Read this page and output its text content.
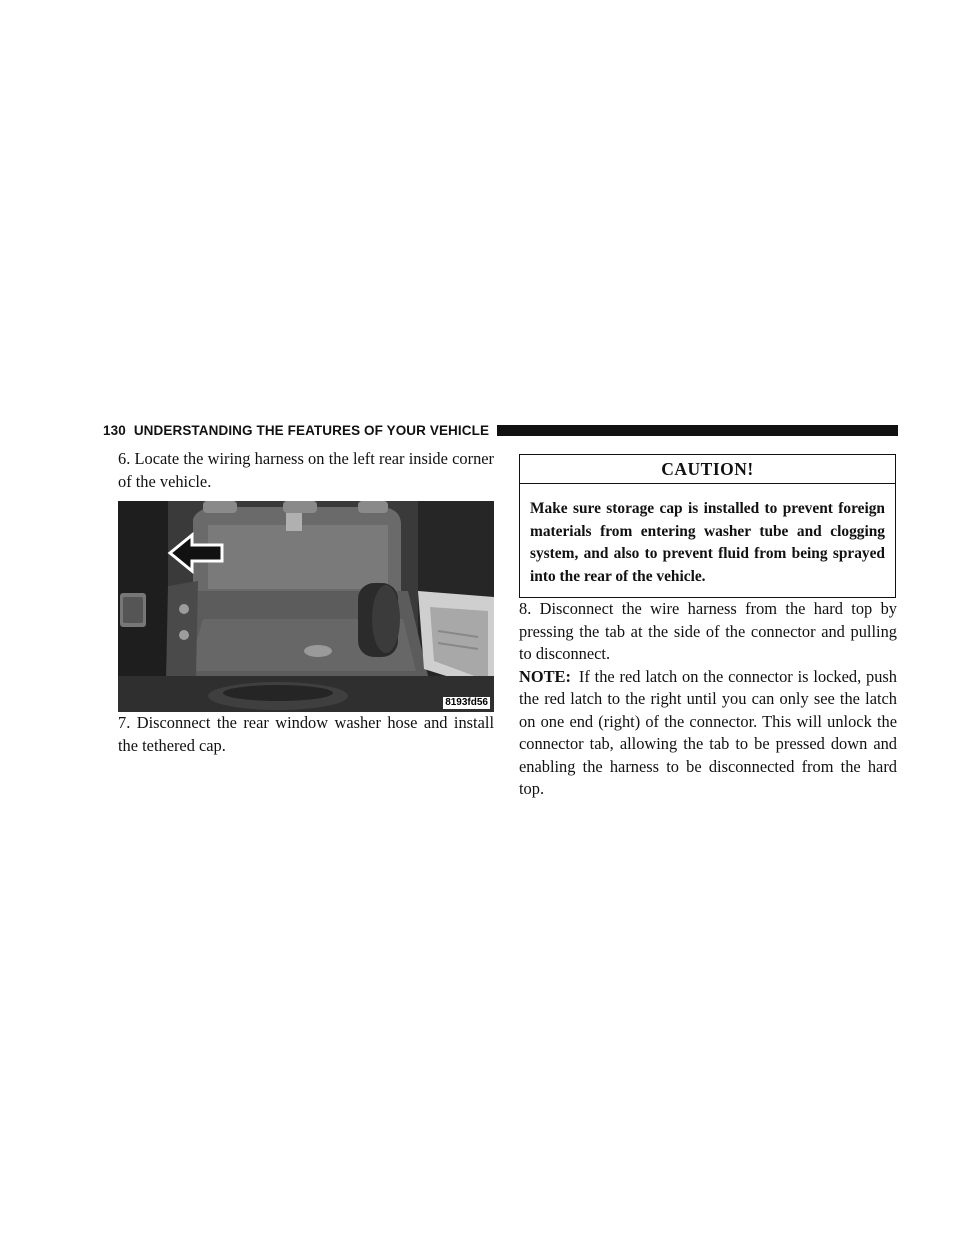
130 UNDERSTANDING THE FEATURES OF YOUR VEHICLE

6. Locate the wiring harness on the left rear inside corner of the vehicle.

8193fd56

7. Disconnect the rear window washer hose and install the tethered cap.

CAUTION!
Make sure storage cap is installed to prevent foreign materials from entering washer tube and clogging system, and also to prevent fluid from being sprayed into the rear of the vehicle.

8. Disconnect the wire harness from the hard top by pressing the tab at the side of the connector and pulling to disconnect.

NOTE: If the red latch on the connector is locked, push the red latch to the right until you can only see the latch on one end (right) of the connector. This will unlock the connector tab, allowing the tab to be pressed down and enabling the harness to be disconnected from the hard top.
